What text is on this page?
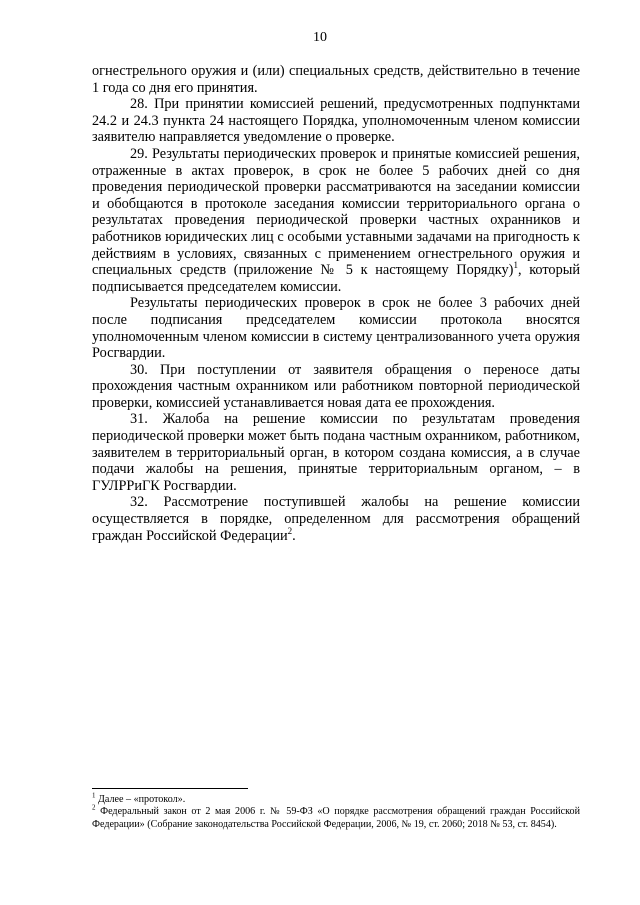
10

огнестрельного оружия и (или) специальных средств, действительно в течение 1 года со дня его принятия.

28. При принятии комиссией решений, предусмотренных подпунктами 24.2 и 24.3 пункта 24 настоящего Порядка, уполномоченным членом комиссии заявителю направляется уведомление о проверке.

29. Результаты периодических проверок и принятые комиссией решения, отраженные в актах проверок, в срок не более 5 рабочих дней со дня проведения периодической проверки рассматриваются на заседании комиссии и обобщаются в протоколе заседания комиссии территориального органа о результатах проведения периодической проверки частных охранников и работников юридических лиц с особыми уставными задачами на пригодность к действиям в условиях, связанных с применением огнестрельного оружия и специальных средств (приложение № 5 к настоящему Порядку)$^1$, который подписывается председателем комиссии.

Результаты периодических проверок в срок не более 3 рабочих дней после подписания председателем комиссии протокола вносятся уполномоченным членом комиссии в систему централизованного учета оружия Росгвардии.

30. При поступлении от заявителя обращения о переносе даты прохождения частным охранником или работником повторной периодической проверки, комиссией устанавливается новая дата ее прохождения.

31. Жалоба на решение комиссии по результатам проведения периодической проверки может быть подана частным охранником, работником, заявителем в территориальный орган, в котором создана комиссия, а в случае подачи жалобы на решения, принятые территориальным органом, – в ГУЛРРиГК Росгвардии.

32. Рассмотрение поступившей жалобы на решение комиссии осуществляется в порядке, определенном для рассмотрения обращений граждан Российской Федерации$^2$.

$^1$ Далее – «протокол».

$^2$ Федеральный закон от 2 мая 2006 г. № 59-ФЗ «О порядке рассмотрения обращений граждан Российской Федерации» (Собрание законодательства Российской Федерации, 2006, № 19, ст. 2060; 2018 № 53, ст. 8454).
